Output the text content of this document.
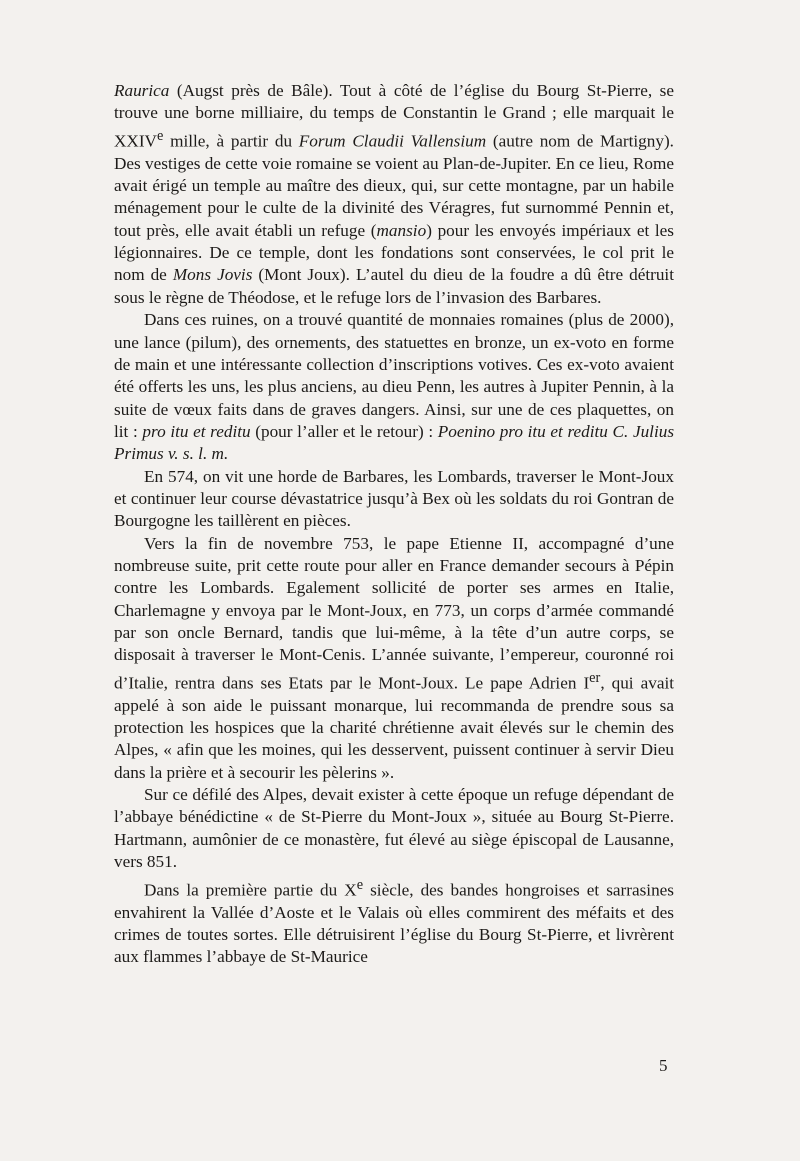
Raurica (Augst près de Bâle). Tout à côté de l’église du Bourg St-Pierre, se trouve une borne milliaire, du temps de Constantin le Grand ; elle marquait le XXIVe mille, à partir du Forum Claudii Vallensium (autre nom de Martigny). Des vestiges de cette voie romaine se voient au Plan-de-Jupiter. En ce lieu, Rome avait érigé un temple au maître des dieux, qui, sur cette montagne, par un habile ménagement pour le culte de la divinité des Véragres, fut surnommé Pennin et, tout près, elle avait établi un refuge (mansio) pour les envoyés impériaux et les légionnaires. De ce temple, dont les fondations sont conservées, le col prit le nom de Mons Jovis (Mont Joux). L’autel du dieu de la foudre a dû être détruit sous le règne de Théodose, et le refuge lors de l’invasion des Barbares.

Dans ces ruines, on a trouvé quantité de monnaies romaines (plus de 2000), une lance (pilum), des ornements, des statuettes en bronze, un ex-voto en forme de main et une intéressante collection d’inscriptions votives. Ces ex-voto avaient été offerts les uns, les plus anciens, au dieu Penn, les autres à Jupiter Pennin, à la suite de vœux faits dans de graves dangers. Ainsi, sur une de ces plaquettes, on lit : pro itu et reditu (pour l’aller et le retour) : Poenino pro itu et reditu C. Julius Primus v. s. l. m.

En 574, on vit une horde de Barbares, les Lombards, traverser le Mont-Joux et continuer leur course dévastatrice jusqu’à Bex où les soldats du roi Gontran de Bourgogne les taillèrent en pièces.

Vers la fin de novembre 753, le pape Etienne II, accompagné d’une nombreuse suite, prit cette route pour aller en France demander secours à Pépin contre les Lombards. Egalement sollicité de porter ses armes en Italie, Charlemagne y envoya par le Mont-Joux, en 773, un corps d’armée commandé par son oncle Bernard, tandis que lui-même, à la tête d’un autre corps, se disposait à traverser le Mont-Cenis. L’année suivante, l’empereur, couronné roi d’Italie, rentra dans ses Etats par le Mont-Joux. Le pape Adrien Ier, qui avait appelé à son aide le puissant monarque, lui recommanda de prendre sous sa protection les hospices que la charité chrétienne avait élevés sur le chemin des Alpes, « afin que les moines, qui les desservent, puissent continuer à servir Dieu dans la prière et à secourir les pèlerins ».

Sur ce défilé des Alpes, devait exister à cette époque un refuge dépendant de l’abbaye bénédictine « de St-Pierre du Mont-Joux », située au Bourg St-Pierre. Hartmann, aumônier de ce monastère, fut élevé au siège épiscopal de Lausanne, vers 851.

Dans la première partie du Xe siècle, des bandes hongroises et sarrasines envahirent la Vallée d’Aoste et le Valais où elles commirent des méfaits et des crimes de toutes sortes. Elle détruisirent l’église du Bourg St-Pierre, et livrèrent aux flammes l’abbaye de St-Maurice

5
